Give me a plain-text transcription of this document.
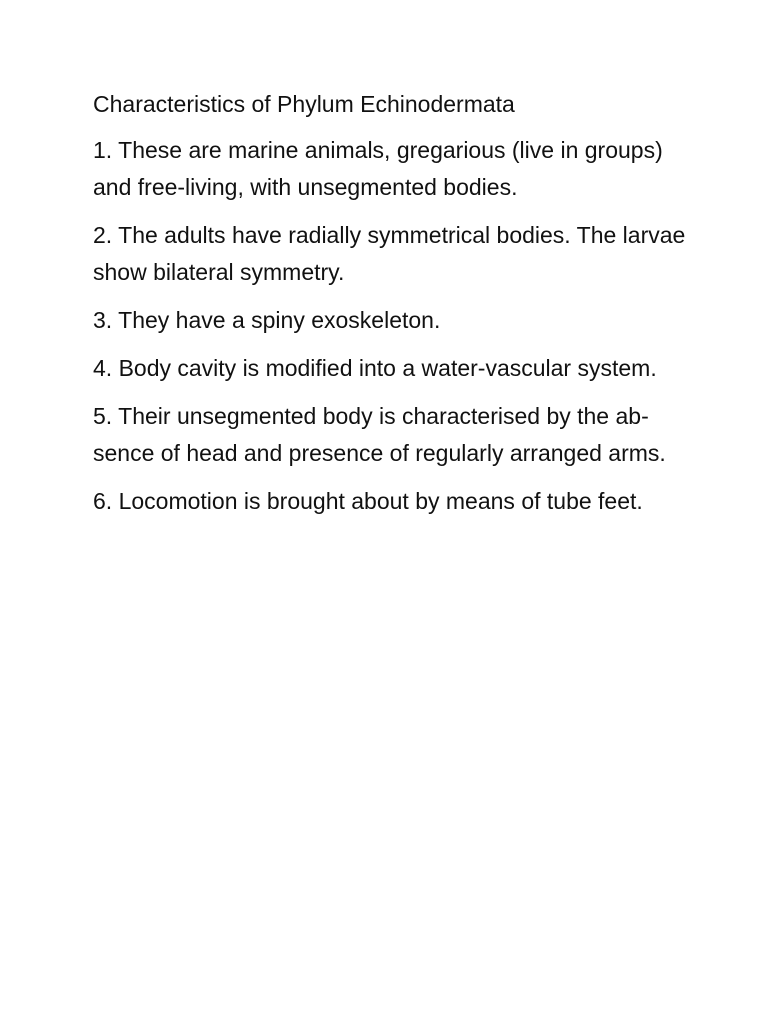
Characteristics of Phylum Echinodermata

1. These are marine animals, gregarious (live in groups) and free-living, with unsegmented bodies.

2. The adults have radially symmetrical bodies. The larvae show bilateral symmetry.

3. They have a spiny exoskeleton.

4. Body cavity is modified into a water-vascular system.

5. Their unsegmented body is characterised by the ab- sence of head and presence of regularly arranged arms.

6. Locomotion is brought about by means of tube feet.
